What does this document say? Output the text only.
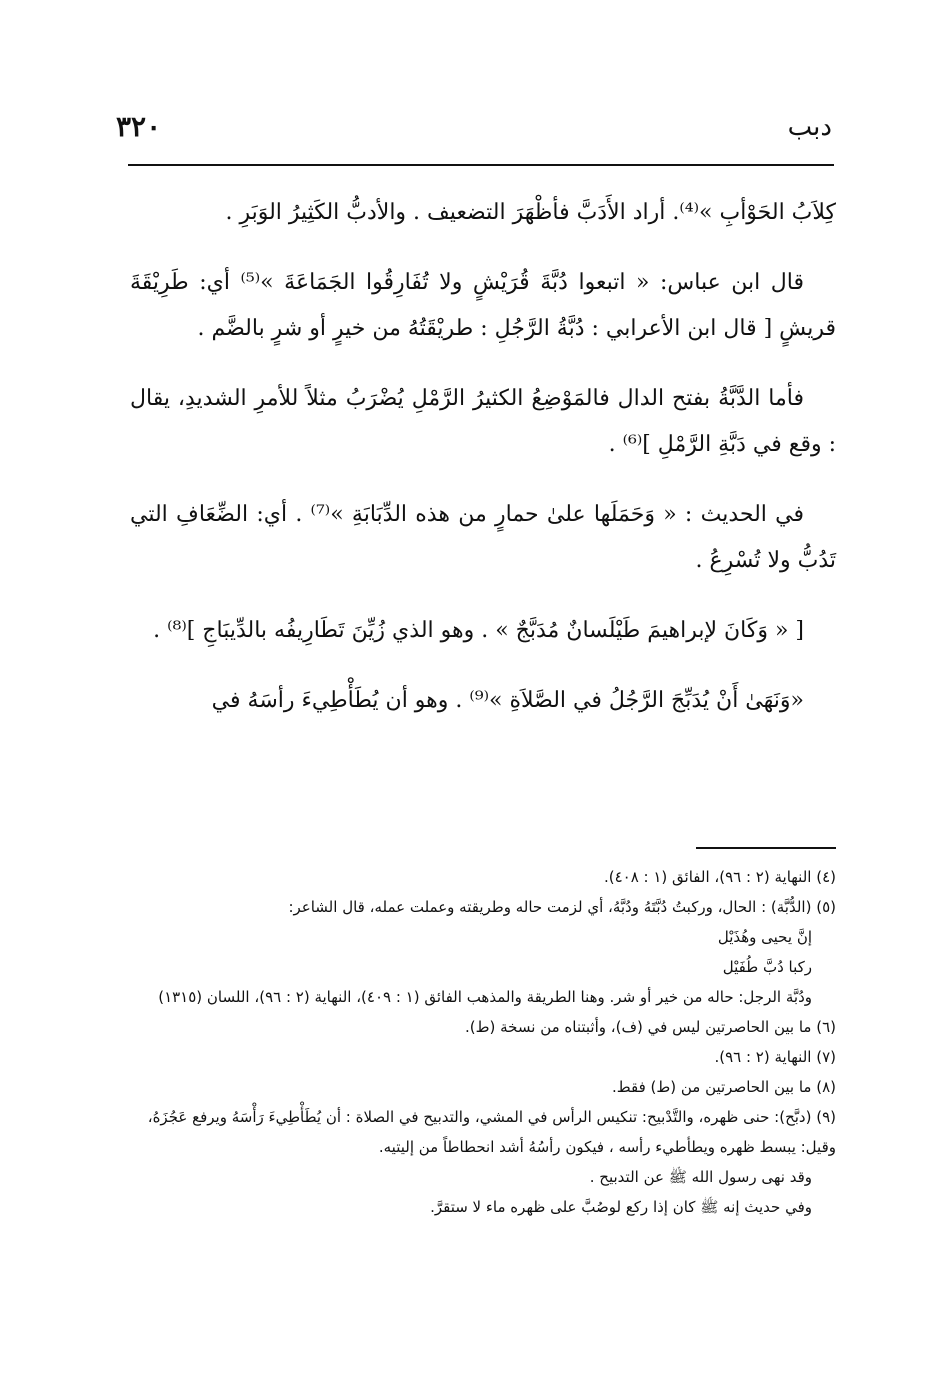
دبب
٣٢٠

كِلاَبُ الحَوْأبِ »⁽⁴⁾. أراد الأَدَبَّ فأظْهَرَ التضعيف . والأدبُّ الكَثِيرُ الوَبَرِ .

قال ابن عباس: « اتبعوا دُبَّةَ قُرَيْشٍ ولا تُفَارِقُوا الجَمَاعَةَ »⁽⁵⁾ أي: طَرِيْقَةَ قريشٍ [ قال ابن الأعرابي : دُبَّةُ الرَّجُلِ : طريْقَتُهُ من خيرٍ أو شرٍ بالضَّم .

فأما الدَّبَّةُ بفتح الدال فالمَوْضِعُ الكثيرُ الرَّمْلِ يُضْرَبُ مثلاً للأمرِ الشديدِ، يقال : وقع في دَبَّةِ الرَّمْلِ ]⁽⁶⁾ .

في الحديث : « وَحَمَلَها علىٰ حمارٍ من هذه الدِّبَابَةِ »⁽⁷⁾ . أي: الضِّعَافِ التي تَدُبُّ ولا تُسْرِعُ .

[ « وَكَانَ لإبراهيمَ طَيْلَسانٌ مُدَبَّجٌ » . وهو الذي زُيِّنَ تَطَارِيفُه بالدِّيبَاجِ ]⁽⁸⁾ .

«وَنَهَىٰ أَنْ يُدَبِّجَ الرَّجُلُ في الصَّلاَةِ »⁽⁹⁾ . وهو أن يُطَأْطِيءَ رأسَهُ في

(٤) النهاية (٢ : ٩٦)، الفائق (١ : ٤٠٨).

(٥) (الدُّبَّة) : الحال، وركبتُ دُبَّتَهُ ودُبَّهُ، أي لزمت حاله وطريقته وعملت عمله، قال الشاعر:

إنَّ يحيى وهُذَيْل

ركبا دُبَّ طُفَيْل

ودُبَّة الرجل: حاله من خير أو شر. وهنا الطريقة والمذهب الفائق (١ : ٤٠٩)، النهاية (٢ : ٩٦)، اللسان (١٣١٥)

(٦) ما بين الحاصرتين ليس في (ف)، وأثبتناه من نسخة (ط).

(٧) النهاية (٢ : ٩٦).

(٨) ما بين الحاصرتين من (ط) فقط.

(٩) (دبَّح): حنى ظهره، والتَّدْبيح: تنكيس الرأس في المشي، والتدبيح في الصلاة : أن يُطَأْطِيءَ رَأْسَهُ ويرفع عَجُزَهُ، وقيل: يبسط ظهره ويطأطيء رأسه ، فيكون رأسُهُ أشد انحطاطاً من إليتيه.

وقد نهى رسول الله ﷺ عن التدبيح .

وفي حديث إنه ﷺ كان إذا ركع لوصُبَّ على ظهره ماء لا ستقرَّ.
